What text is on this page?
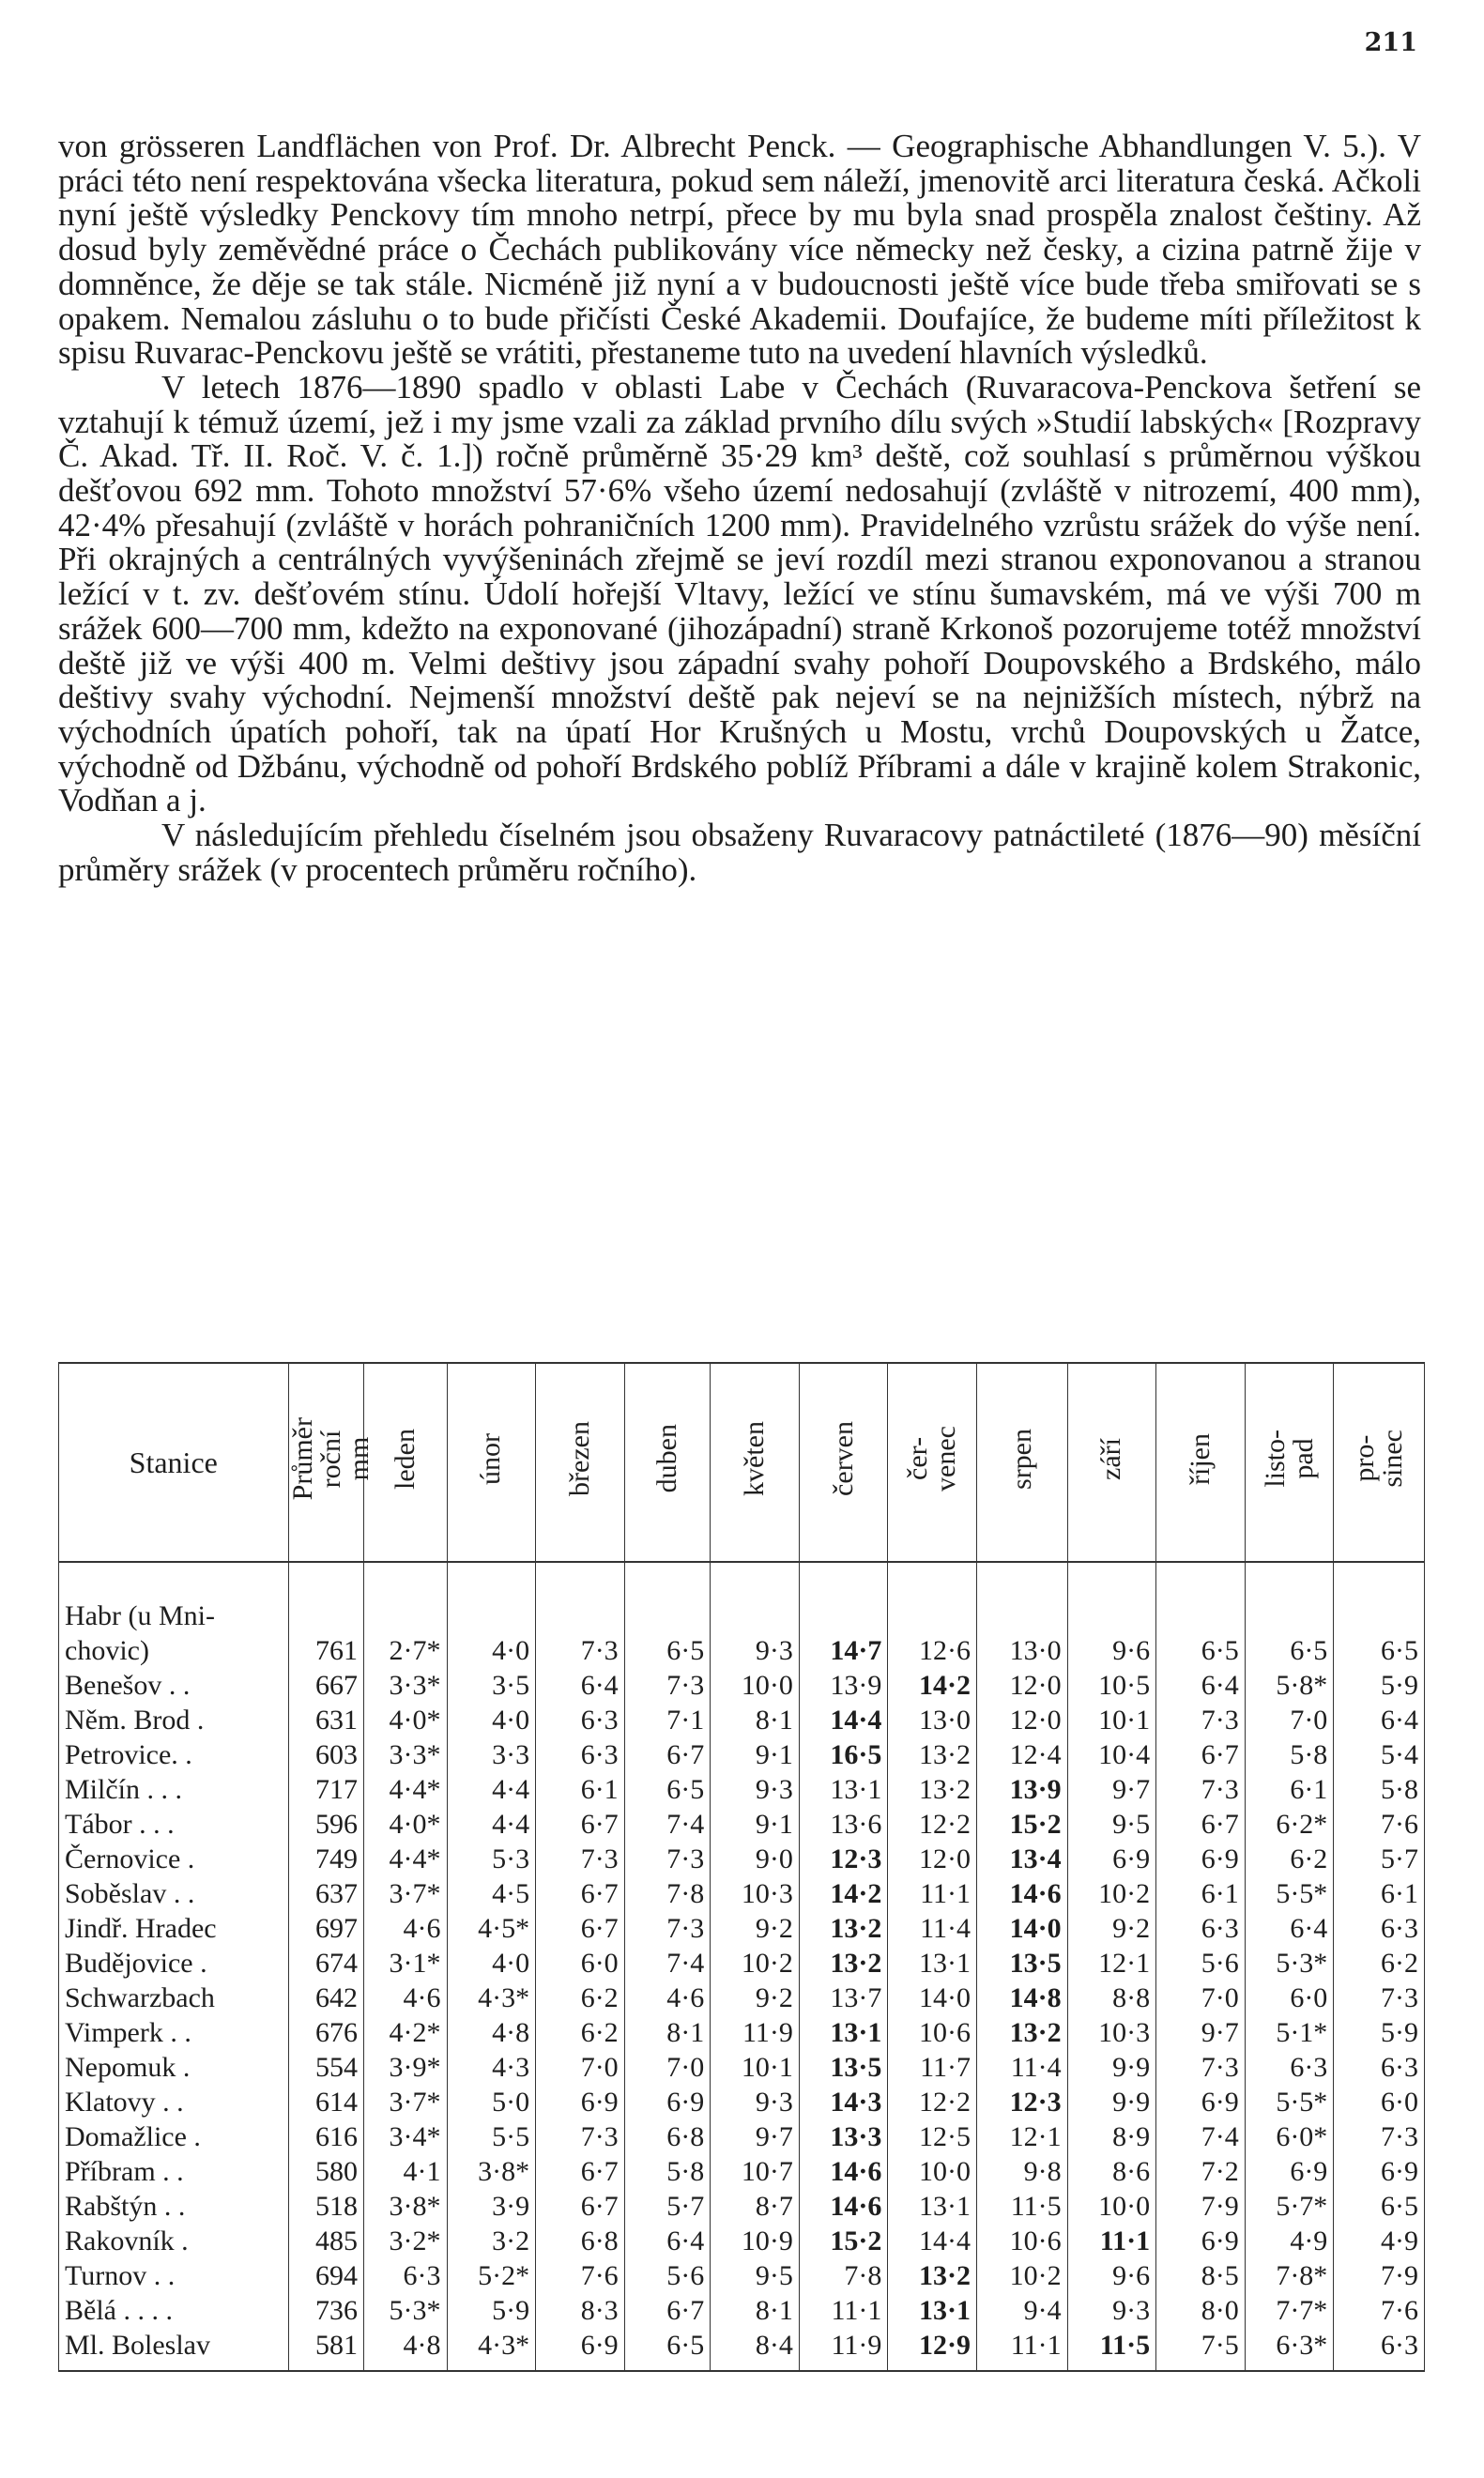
211

von grösseren Landflächen von Prof. Dr. Albrecht Penck. — Geographische Abhandlungen V. 5.). V práci této není respektována všecka literatura, pokud sem náleží, jmenovitě arci literatura česká. Ačkoli nyní ještě výsledky Penckovy tím mnoho netrpí, přece by mu byla snad prospěla znalost češtiny. Až dosud byly zeměvědné práce o Čechách publikovány více německy než česky, a cizina patrně žije v domněnce, že děje se tak stále. Nicméně již nyní a v budoucnosti ještě více bude třeba smiřovati se s opakem. Nemalou zásluhu o to bude přičísti České Akademii. Doufajíce, že budeme míti příležitost k spisu Ruvarac-Penckovu ještě se vrátiti, přestaneme tuto na uvedení hlavních výsledků.

V letech 1876—1890 spadlo v oblasti Labe v Čechách (Ruvaracova-Penckova šetření se vztahují k témuž území, jež i my jsme vzali za základ prvního dílu svých »Studií labských« [Rozpravy Č. Akad. Tř. II. Roč. V. č. 1.]) ročně průměrně 35·29 km³ deště, což souhlasí s průměrnou výškou dešťovou 692 mm. Tohoto množství 57·6% všeho území nedosahují (zvláště v nitrozemí, 400 mm), 42·4% přesahují (zvláště v horách pohraničních 1200 mm). Pravidelného vzrůstu srážek do výše není. Při okrajných a centrálných vyvýšeninách zřejmě se jeví rozdíl mezi stranou exponovanou a stranou ležící v t. zv. dešťovém stínu. Údolí hořejší Vltavy, ležící ve stínu šumavském, má ve výši 700 m srážek 600—700 mm, kdežto na exponované (jihozápadní) straně Krkonoš pozorujeme totéž množství deště již ve výši 400 m. Velmi deštivy jsou západní svahy pohoří Doupovského a Brdského, málo deštivy svahy východní. Nejmenší množství deště pak nejeví se na nejnižších místech, nýbrž na východních úpatích pohoří, tak na úpatí Hor Krušných u Mostu, vrchů Doupovských u Žatce, východně od Džbánu, východně od pohoří Brdského poblíž Příbrami a dále v krajině kolem Strakonic, Vodňan a j.

V následujícím přehledu číselném jsou obsaženy Ruvaracovy patnáctileté (1876—90) měsíční průměry srážek (v procentech průměru ročního).

Stanice	Průměr
roční
mm	leden	únor	březen	duben	květen	červen	čer-
venec	srpen	září	říjen	listo-
pad	pro-
sinec

Habr (u Mni-
chovic)	761	2·7*	4·0	7·3	6·5	9·3	14·7	12·6	13·0	9·6	6·5	6·5	6·5
Benešov . .	667	3·3*	3·5	6·4	7·3	10·0	13·9	14·2	12·0	10·5	6·4	5·8*	5·9
Něm. Brod .	631	4·0*	4·0	6·3	7·1	8·1	14·4	13·0	12·0	10·1	7·3	7·0	6·4
Petrovice. .	603	3·3*	3·3	6·3	6·7	9·1	16·5	13·2	12·4	10·4	6·7	5·8	5·4
Milčín . . .	717	4·4*	4·4	6·1	6·5	9·3	13·1	13·2	13·9	9·7	7·3	6·1	5·8
Tábor . . .	596	4·0*	4·4	6·7	7·4	9·1	13·6	12·2	15·2	9·5	6·7	6·2*	7·6
Černovice .	749	4·4*	5·3	7·3	7·3	9·0	12·3	12·0	13·4	6·9	6·9	6·2	5·7
Soběslav . .	637	3·7*	4·5	6·7	7·8	10·3	14·2	11·1	14·6	10·2	6·1	5·5*	6·1
Jindř. Hradec	697	4·6	4·5*	6·7	7·3	9·2	13·2	11·4	14·0	9·2	6·3	6·4	6·3
Budějovice .	674	3·1*	4·0	6·0	7·4	10·2	13·2	13·1	13·5	12·1	5·6	5·3*	6·2
Schwarzbach	642	4·6	4·3*	6·2	4·6	9·2	13·7	14·0	14·8	8·8	7·0	6·0	7·3
Vimperk . .	676	4·2*	4·8	6·2	8·1	11·9	13·1	10·6	13·2	10·3	9·7	5·1*	5·9
Nepomuk .	554	3·9*	4·3	7·0	7·0	10·1	13·5	11·7	11·4	9·9	7·3	6·3	6·3
Klatovy . .	614	3·7*	5·0	6·9	6·9	9·3	14·3	12·2	12·3	9·9	6·9	5·5*	6·0
Domažlice .	616	3·4*	5·5	7·3	6·8	9·7	13·3	12·5	12·1	8·9	7·4	6·0*	7·3
Příbram . .	580	4·1	3·8*	6·7	5·8	10·7	14·6	10·0	9·8	8·6	7·2	6·9	6·9
Rabštýn . .	518	3·8*	3·9	6·7	5·7	8·7	14·6	13·1	11·5	10·0	7·9	5·7*	6·5
Rakovník .	485	3·2*	3·2	6·8	6·4	10·9	15·2	14·4	10·6	11·1	6·9	4·9	4·9
Turnov . .	694	6·3	5·2*	7·6	5·6	9·5	7·8	13·2	10·2	9·6	8·5	7·8*	7·9
Bělá . . . .	736	5·3*	5·9	8·3	6·7	8·1	11·1	13·1	9·4	9·3	8·0	7·7*	7·6
Ml. Boleslav	581	4·8	4·3*	6·9	6·5	8·4	11·9	12·9	11·1	11·5	7·5	6·3*	6·3
